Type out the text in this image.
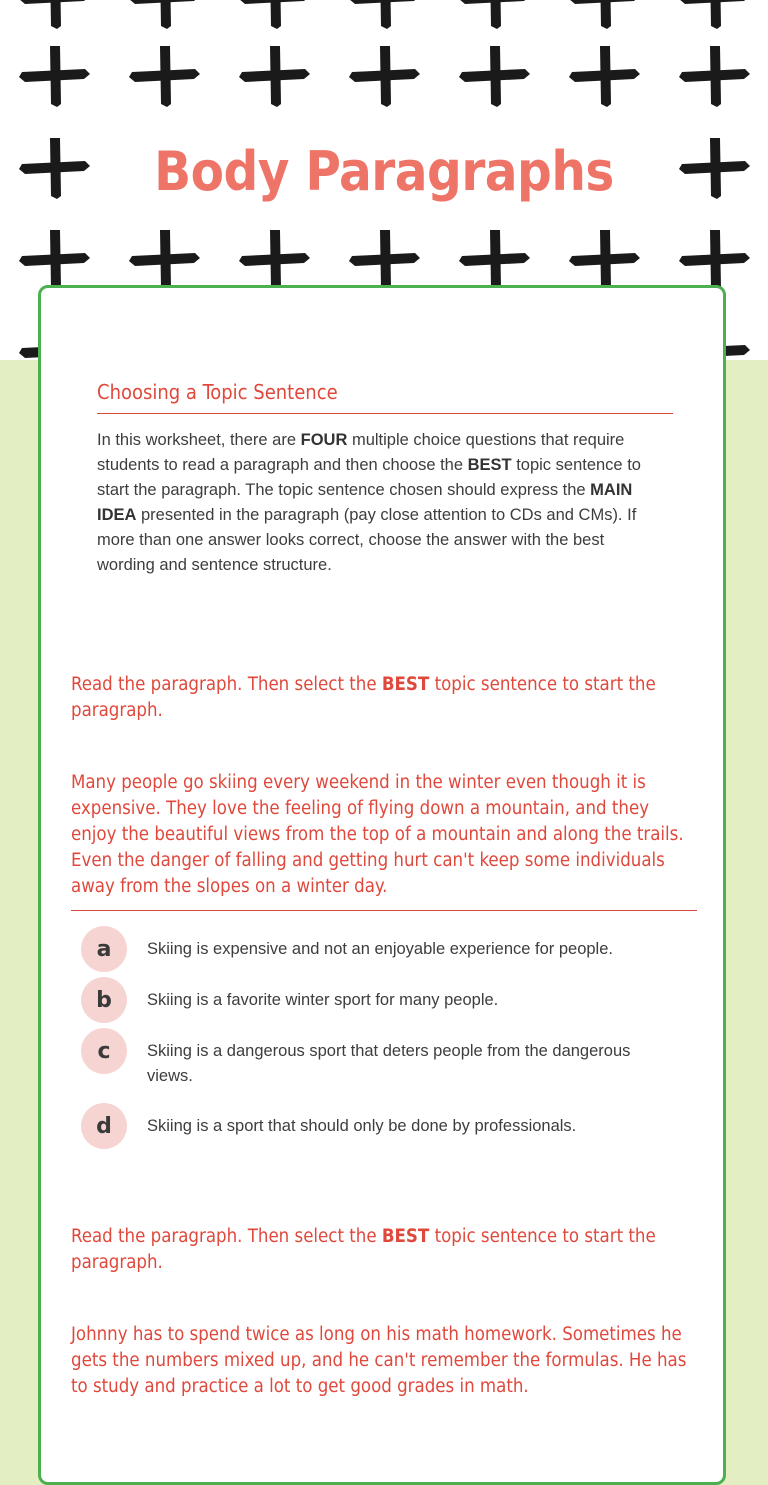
Body Paragraphs
Choosing a Topic Sentence

In this worksheet, there are FOUR multiple choice questions that require students to read a paragraph and then choose the BEST topic sentence to start the paragraph. The topic sentence chosen should express the MAIN IDEA presented in the paragraph (pay close attention to CDs and CMs). If more than one answer looks correct, choose the answer with the best wording and sentence structure.

Read the paragraph. Then select the BEST topic sentence to start the paragraph.

Many people go skiing every weekend in the winter even though it is expensive. They love the feeling of flying down a mountain, and they enjoy the beautiful views from the top of a mountain and along the trails. Even the danger of falling and getting hurt can't keep some individuals away from the slopes on a winter day.

a	Skiing is expensive and not an enjoyable experience for people.
b	Skiing is a favorite winter sport for many people.
c	Skiing is a dangerous sport that deters people from the dangerous views.
d	Skiing is a sport that should only be done by professionals.

Read the paragraph. Then select the BEST topic sentence to start the paragraph.

Johnny has to spend twice as long on his math homework. Sometimes he gets the numbers mixed up, and he can't remember the formulas. He has to study and practice a lot to get good grades in math.
